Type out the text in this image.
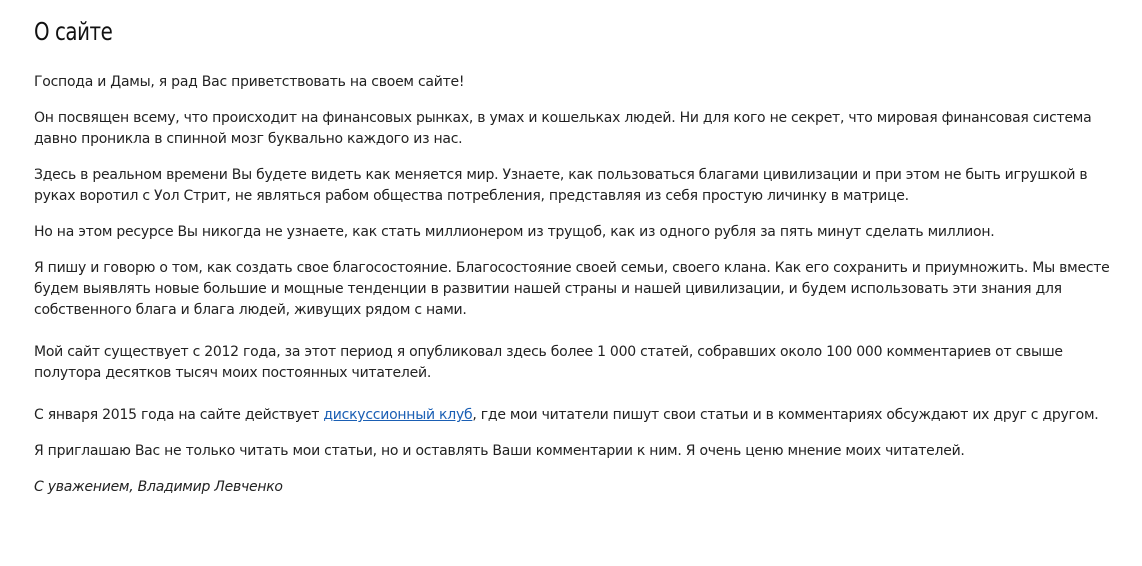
О сайте

Господа и Дамы, я рад Вас приветствовать на своем сайте!

Он посвящен всему, что происходит на финансовых рынках, в умах и кошельках людей. Ни для кого не секрет, что мировая финансовая система давно проникла в спинной мозг буквально каждого из нас.

Здесь в реальном времени Вы будете видеть как меняется мир. Узнаете, как пользоваться благами цивилизации и при этом не быть игрушкой в руках воротил с Уол Стрит, не являться рабом общества потребления, представляя из себя простую личинку в матрице.

Но на этом ресурсе Вы никогда не узнаете, как стать миллионером из трущоб, как из одного рубля за пять минут сделать миллион.

Я пишу и говорю о том, как создать свое благосостояние. Благосостояние своей семьи, своего клана. Как его сохранить и приумножить. Мы вместе будем выявлять новые большие и мощные тенденции в развитии нашей страны и нашей цивилизации, и будем использовать эти знания для собственного блага и блага людей, живущих рядом с нами.

Мой сайт существует с 2012 года, за этот период я опубликовал здесь более 1 000 статей, собравших около 100 000 комментариев от свыше полутора десятков тысяч моих постоянных читателей.

С января 2015 года на сайте действует дискуссионный клуб, где мои читатели пишут свои статьи и в комментариях обсуждают их друг с другом.

Я приглашаю Вас не только читать мои статьи, но и оставлять Ваши комментарии к ним. Я очень ценю мнение моих читателей.

С уважением, Владимир Левченко
